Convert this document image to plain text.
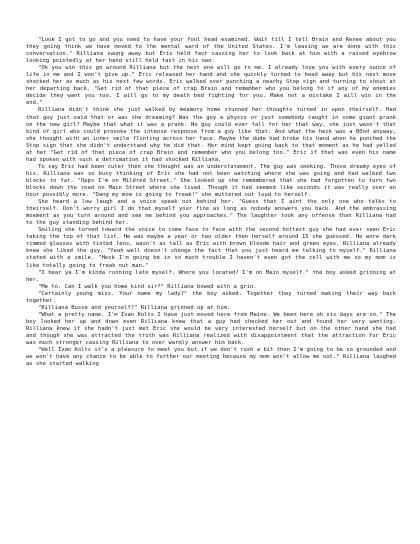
"Look I got to go and you need to have your fool head examined. Wait till I tell Brain and Renee about you they going think we have moved to the mental ward of the United States. I'm leaving we are done with this conversation." Rilliana swung away but Eric held fast causing her to look back at him with a raised eyebrow looking pointedly at her hand still held fast in his own.

"Ok you win this go around Rilliana but the next one will go to me. I already love you with every ounce of life in me and I won't give up." Eric released her hand and she quickly turned to head away but his next move shocked her as much as his next few words. Eric walked over punching a nearby Stop sign and turning to shout at her departing back. "Get rid of that piece of crap Brain and remember who you belong to if any of my enemies decide they want you too. I will go to my death bed fighting for you. Make not a mistake I will win in the end."

Rilliana didn't think she just walked by meamory home stunned her thoughts turned in upon theirself. Had that guy just said that or was she dreaming? Was the guy a physco or just somebody caught in some giant prank on the new girl? Maybe that what it was a prank. No guy could ever fall for her that way, she just wasn't that kind of girl who could provoke the intense response from a guy like that. And what the heck was a B0nd anyway, she thought with an inner smile flinting across her face. Maybe the dude had broke his hand when he punched the Stop sign that she didn't understand why he did that. Her mind kept going back to that moment as he had yelled at her "Get rid of that piece of crap Brain and remember who you belong too." Eric if that was even his name had spoken with such a detrimation it had shocked Rilliana.

To say Eric had been cuter then she thought was an understatement. The guy was smoking. Those dreamy eyes of his. Rilliana was so busy thinking of Eric she had not been watching where she was going and had walked two blocks to far. "Opps I'm on Mildred Street." She looked up she remembered that she had forgotten to turn two blocks down the road on Main Street where she lived. Though it had seemed like seconds it was really over an hour possibly more. "Dang my mom is going to freak!" she muttered out loud to herself.

She heard a low laugh and a voice speak out behind her. "Guess that I aint the only one who talks to theirself. Don't worry girl I do that myself your fine as long as nobody answers you back. And the embrassing moement as you turn around and see me behind you approaches." The laughter took any offense that Rilliana had to the guy standing behind her.

Smiling she turned toward the voice to come face to face with the second hottest guy she had ever seen Eric taking the top of that list. He was maybe a year or two older then herself around 15 she guessed. He wore dark rimmed glasses with tinted lens, wasn't as tall as Eric with brown blonde hair and green eyes. Rilliana already knew she liked the guy. "Yeah well doesn't change the fact that you just heard me talking to myself." Rilliana stated with a smile. "Heck I'm going be in so much trouble I haven't even got the cell with me so my mom is like totally going to freak out man."

"I hear ya I'm kinda running late myself. Where you located? I'm on Main myself." the boy asked grinning at her.

"Me to. Can I walk you home kind sir?" Rilliana bowed with a grin.

"Certainly young miss. Your name my lady?" the boy asked. Together they turned making their way back together.

"Rilliana Busse and yourself?" Rilliana grinned up at him.

"What a pretty name. I'm Ivan Kolts I have just moved here from Maine. We been here oh six days are so." The boy looked her up and down even Rilliana knew that a guy had checked her out and found her very wanting. Rilliana knew if she hadn't just met Eric she would be very interested herself but on the other hand she had and though she was attracted the truth was Rilliana realized with disappointment that the attraction for Eric was much stronger causing Rilliana to over warmly answer him back.

"Well Ivan Kolts it's a pleasure to meet you but if we don't rush a bit then I'm going to be so grounded and we won't have any chance to be able to further our meeting because my mom won't allow me out." Rilliana laughed as she started walking
